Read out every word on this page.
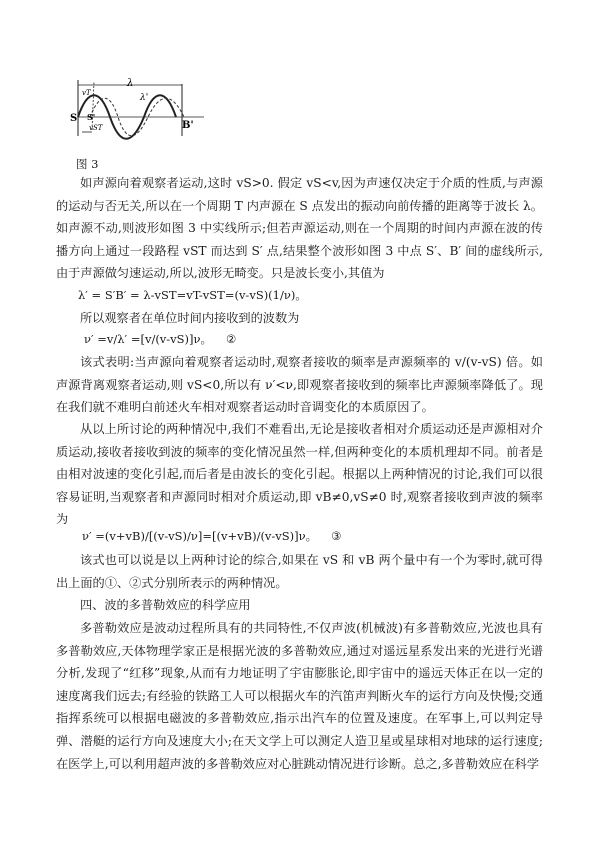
λ
λ'
vT
vST
S S'
B'
图 3

如声源向着观察者运动,这时 vS>0. 假定 vS<v,因为声速仅决定于介质的性质,与声源的运动与否无关,所以在一个周期 T 内声源在 S 点发出的振动向前传播的距离等于波长 λ。如声源不动,则波形如图 3 中实线所示;但若声源运动,则在一个周期的时间内声源在波的传播方向上通过一段路程 vST 而达到 S′ 点,结果整个波形如图 3 中点 S′、B′ 间的虚线所示,由于声源做匀速运动,所以,波形无畸变。只是波长变小,其值为

λ′ = S′B′ = λ-vST=vT-vST=(v-vS)(1/ν)。

所以观察者在单位时间内接收到的波数为

ν′ =v/λ′ =[v/(v-vS)]ν。 ②

该式表明:当声源向着观察者运动时,观察者接收的频率是声源频率的 v/(v-vS) 倍。如声源背离观察者运动,则 vS<0,所以有 ν′<ν,即观察者接收到的频率比声源频率降低了。现在我们就不难明白前述火车相对观察者运动时音调变化的本质原因了。

从以上所讨论的两种情况中,我们不难看出,无论是接收者相对介质运动还是声源相对介质运动,接收者接收到波的频率的变化情况虽然一样,但两种变化的本质机理却不同。前者是由相对波速的变化引起,而后者是由波长的变化引起。根据以上两种情况的讨论,我们可以很容易证明,当观察者和声源同时相对介质运动,即 vB≠0,vS≠0 时,观察者接收到声波的频率为

ν′ =(v+vB)/[(v-vS)/ν]=[(v+vB)/(v-vS)]ν。 ③

该式也可以说是以上两种讨论的综合,如果在 vS 和 vB 两个量中有一个为零时,就可得出上面的①、②式分别所表示的两种情况。

四、波的多普勒效应的科学应用

多普勒效应是波动过程所具有的共同特性,不仅声波(机械波)有多普勒效应,光波也具有多普勒效应,天体物理学家正是根据光波的多普勒效应,通过对遥远星系发出来的光进行光谱分析,发现了“红移”现象,从而有力地证明了宇宙膨胀论,即宇宙中的遥远天体正在以一定的速度离我们远去;有经验的铁路工人可以根据火车的汽笛声判断火车的运行方向及快慢;交通指挥系统可以根据电磁波的多普勒效应,指示出汽车的位置及速度。在军事上,可以判定导弹、潜艇的运行方向及速度大小;在天文学上可以测定人造卫星或星球相对地球的运行速度;在医学上,可以利用超声波的多普勒效应对心脏跳动情况进行诊断。总之,多普勒效应在科学
